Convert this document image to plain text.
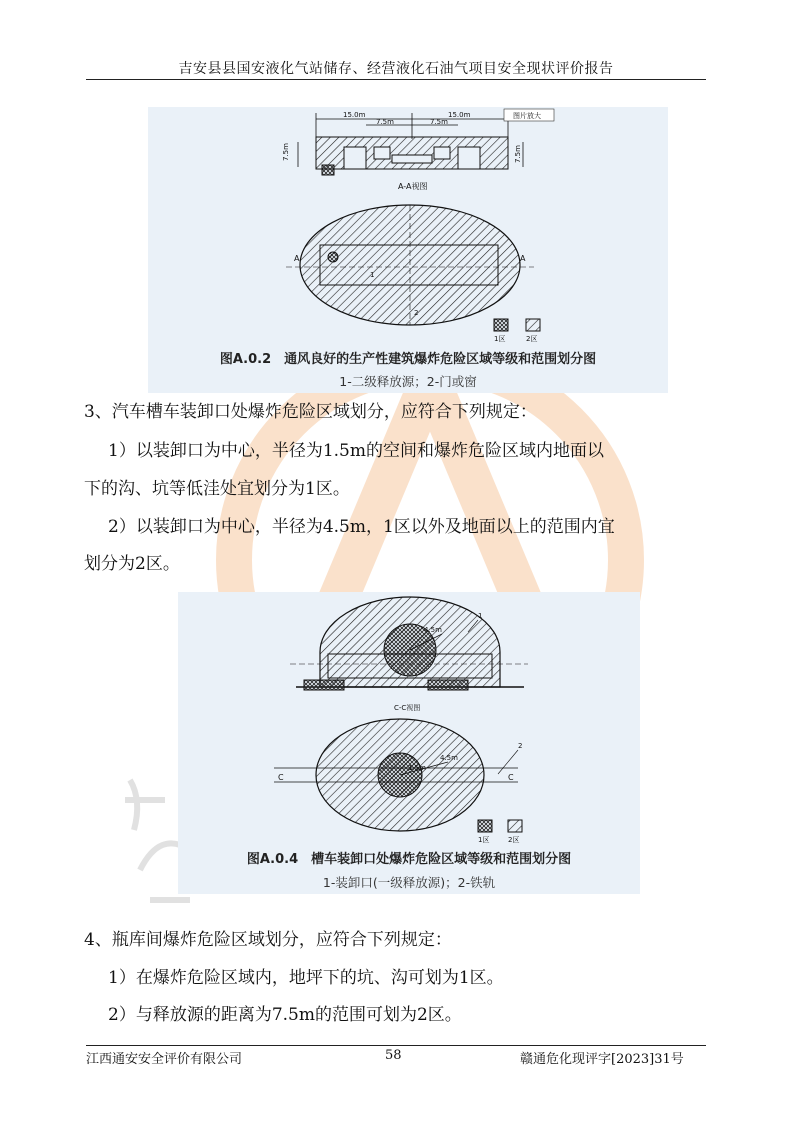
吉安县县国安液化气站储存、经营液化石油气项目安全现状评价报告
15.0m	15.0m
7.5m	7.5m
图片放大
7.5m	7.5m
A-A视图
A	A
1
2
1区	2区
图A.0.2　通风良好的生产性建筑爆炸危险区域等级和范围划分图
1-二级释放源；2-门或窗
3、汽车槽车装卸口处爆炸危险区域划分，应符合下列规定：
1）以装卸口为中心，半径为1.5m的空间和爆炸危险区域内地面以
下的沟、坑等低洼处宜划分为1区。
2）以装卸口为中心，半径为4.5m，1区以外及地面以上的范围内宜
划分为2区。
4.5m
1
C-C视图
4.5m
1.5m
C	C
2
1区	2区
图A.0.4　槽车装卸口处爆炸危险区域等级和范围划分图
1-装卸口(一级释放源)；2-铁轨
4、瓶库间爆炸危险区域划分，应符合下列规定：
1）在爆炸危险区域内，地坪下的坑、沟可划为1区。
2）与释放源的距离为7.5m的范围可划为2区。
江西通安安全评价有限公司	58	赣通危化现评字[2023]31号
